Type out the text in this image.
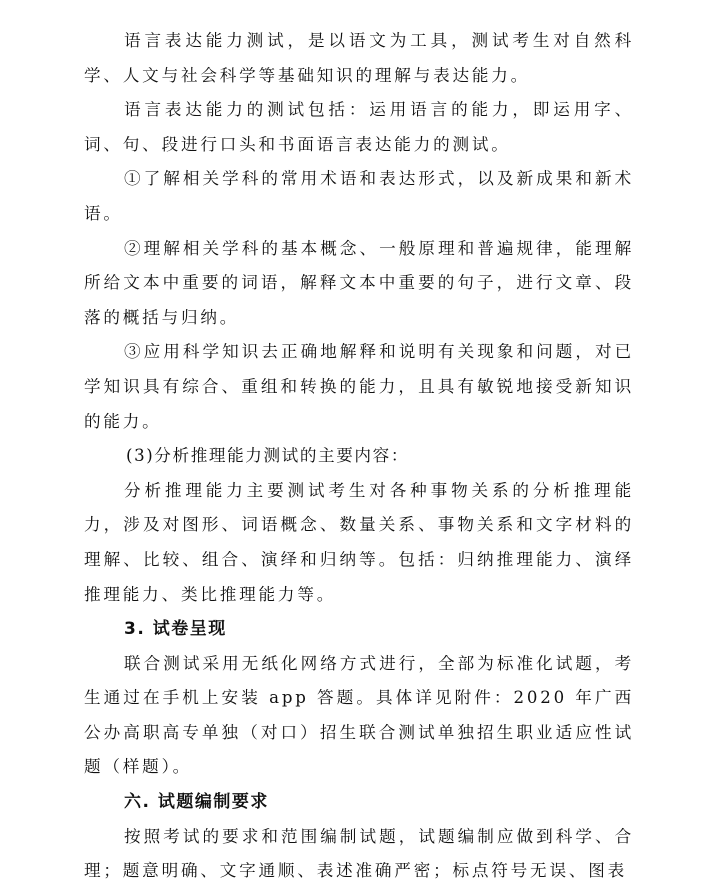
语言表达能力测试，是以语文为工具，测试考生对自然科学、人文与社会科学等基础知识的理解与表达能力。

语言表达能力的测试包括：运用语言的能力，即运用字、词、句、段进行口头和书面语言表达能力的测试。

①了解相关学科的常用术语和表达形式，以及新成果和新术语。

②理解相关学科的基本概念、一般原理和普遍规律，能理解所给文本中重要的词语，解释文本中重要的句子，进行文章、段落的概括与归纳。

③应用科学知识去正确地解释和说明有关现象和问题，对已学知识具有综合、重组和转换的能力，且具有敏锐地接受新知识的能力。

(3)分析推理能力测试的主要内容：

分析推理能力主要测试考生对各种事物关系的分析推理能力，涉及对图形、词语概念、数量关系、事物关系和文字材料的理解、比较、组合、演绎和归纳等。包括：归纳推理能力、演绎推理能力、类比推理能力等。

3. 试卷呈现

联合测试采用无纸化网络方式进行，全部为标准化试题，考生通过在手机上安装 app 答题。具体详见附件：2020 年广西公办高职高专单独（对口）招生联合测试单独招生职业适应性试题（样题）。

六. 试题编制要求

按照考试的要求和范围编制试题，试题编制应做到科学、合理；题意明确、文字通顺、表述准确严密；标点符号无误、图表
